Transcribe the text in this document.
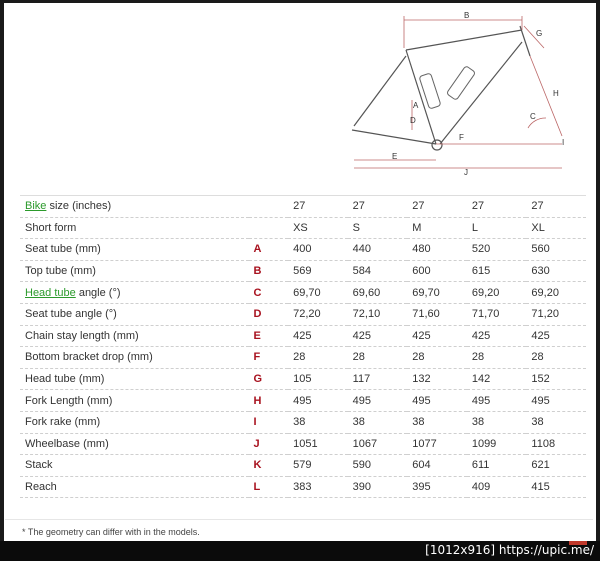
B
G
H
A
D	C
F
E
I
J
Bike size (inches)		27	27	27	27	27
Short form		XS	S	M	L	XL
Seat tube (mm)	A	400	440	480	520	560
Top tube (mm)	B	569	584	600	615	630
Head tube angle (°)	C	69,70	69,60	69,70	69,20	69,20
Seat tube angle (°)	D	72,20	72,10	71,60	71,70	71,20
Chain stay length (mm)	E	425	425	425	425	425
Bottom bracket drop (mm)	F	28	28	28	28	28
Head tube (mm)	G	105	117	132	142	152
Fork Length (mm)	H	495	495	495	495	495
Fork rake (mm)	I	38	38	38	38	38
Wheelbase (mm)	J	1051	1067	1077	1099	1108
Stack	K	579	590	604	611	621
Reach	L	383	390	395	409	415
* The geometry can differ with in the models.
[1012x916] https://upic.me/
